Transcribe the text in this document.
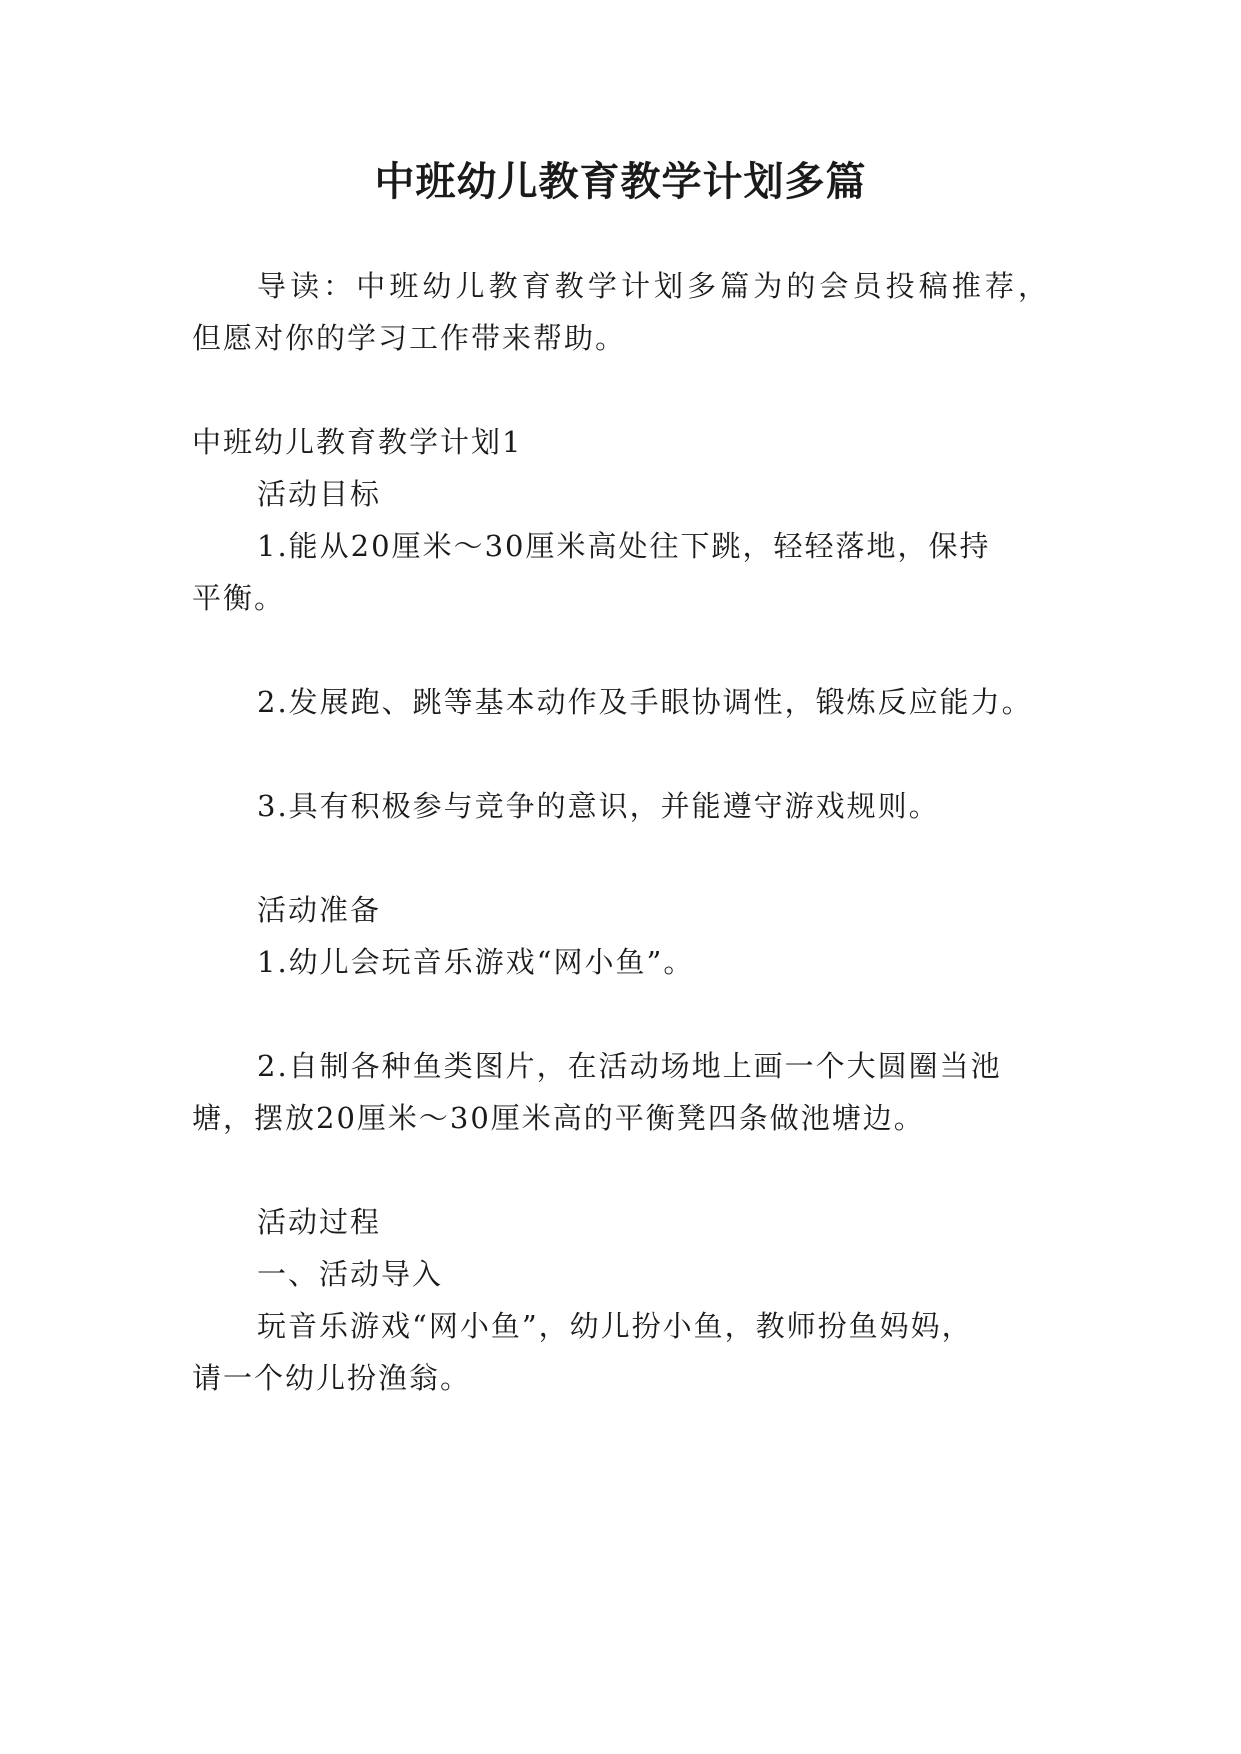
中班幼儿教育教学计划多篇
导读：中班幼儿教育教学计划多篇为的会员投稿推荐，
但愿对你的学习工作带来帮助。
中班幼儿教育教学计划1
活动目标
1.能从20厘米～30厘米高处往下跳，轻轻落地，保持
平衡。
2.发展跑、跳等基本动作及手眼协调性，锻炼反应能力。
3.具有积极参与竞争的意识，并能遵守游戏规则。
活动准备
1.幼儿会玩音乐游戏“网小鱼”。
2.自制各种鱼类图片，在活动场地上画一个大圆圈当池
塘，摆放20厘米～30厘米高的平衡凳四条做池塘边。
活动过程
一、活动导入
玩音乐游戏“网小鱼”，幼儿扮小鱼，教师扮鱼妈妈，
请一个幼儿扮渔翁。
